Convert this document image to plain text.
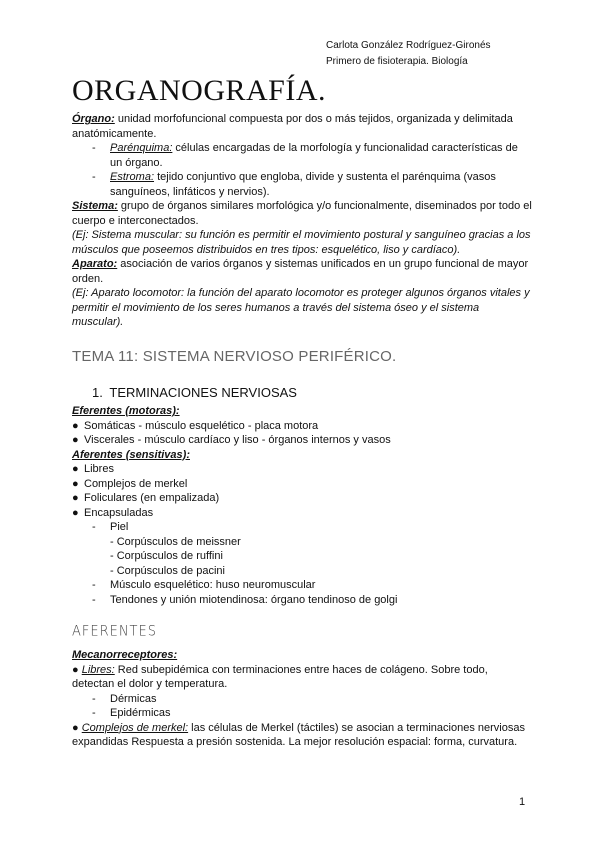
Carlota González Rodríguez-Gironés
Primero de fisioterapia. Biología
ORGANOGRAFÍA.
Órgano: unidad morfofuncional compuesta por dos o más tejidos, organizada y delimitada anatómicamente.
- Parénquima: células encargadas de la morfología y funcionalidad características de un órgano.
- Estroma: tejido conjuntivo que engloba, divide y sustenta el parénquima (vasos sanguíneos, linfáticos y nervios).
Sistema: grupo de órganos similares morfológica y/o funcionalmente, diseminados por todo el cuerpo e interconectados.
(Ej: Sistema muscular: su función es permitir el movimiento postural y sanguíneo gracias a los músculos que poseemos distribuidos en tres tipos: esquelético, liso y cardíaco).
Aparato: asociación de varios órganos y sistemas unificados en un grupo funcional de mayor orden.
(Ej: Aparato locomotor: la función del aparato locomotor es proteger algunos órganos vitales y permitir el movimiento de los seres humanos a través del sistema óseo y el sistema muscular).
TEMA 11: SISTEMA NERVIOSO PERIFÉRICO.
1. TERMINACIONES NERVIOSAS
Eferentes (motoras):
● Somáticas - músculo esquelético - placa motora
● Viscerales - músculo cardíaco y liso - órganos internos y vasos
Aferentes (sensitivas):
● Libres
● Complejos de merkel
● Foliculares (en empalizada)
● Encapsuladas
- Piel
- Corpúsculos de meissner
- Corpúsculos de ruffini
- Corpúsculos de pacini
- Músculo esquelético: huso neuromuscular
- Tendones y unión miotendinosa: órgano tendinoso de golgi
AFERENTES
Mecanorreceptores:
● Libres: Red subepidémica con terminaciones entre haces de colágeno. Sobre todo, detectan el dolor y temperatura.
- Dérmicas
- Epidérmicas
● Complejos de merkel: las células de Merkel (táctiles) se asocian a terminaciones nerviosas expandidas Respuesta a presión sostenida. La mejor resolución espacial: forma, curvatura.
1
